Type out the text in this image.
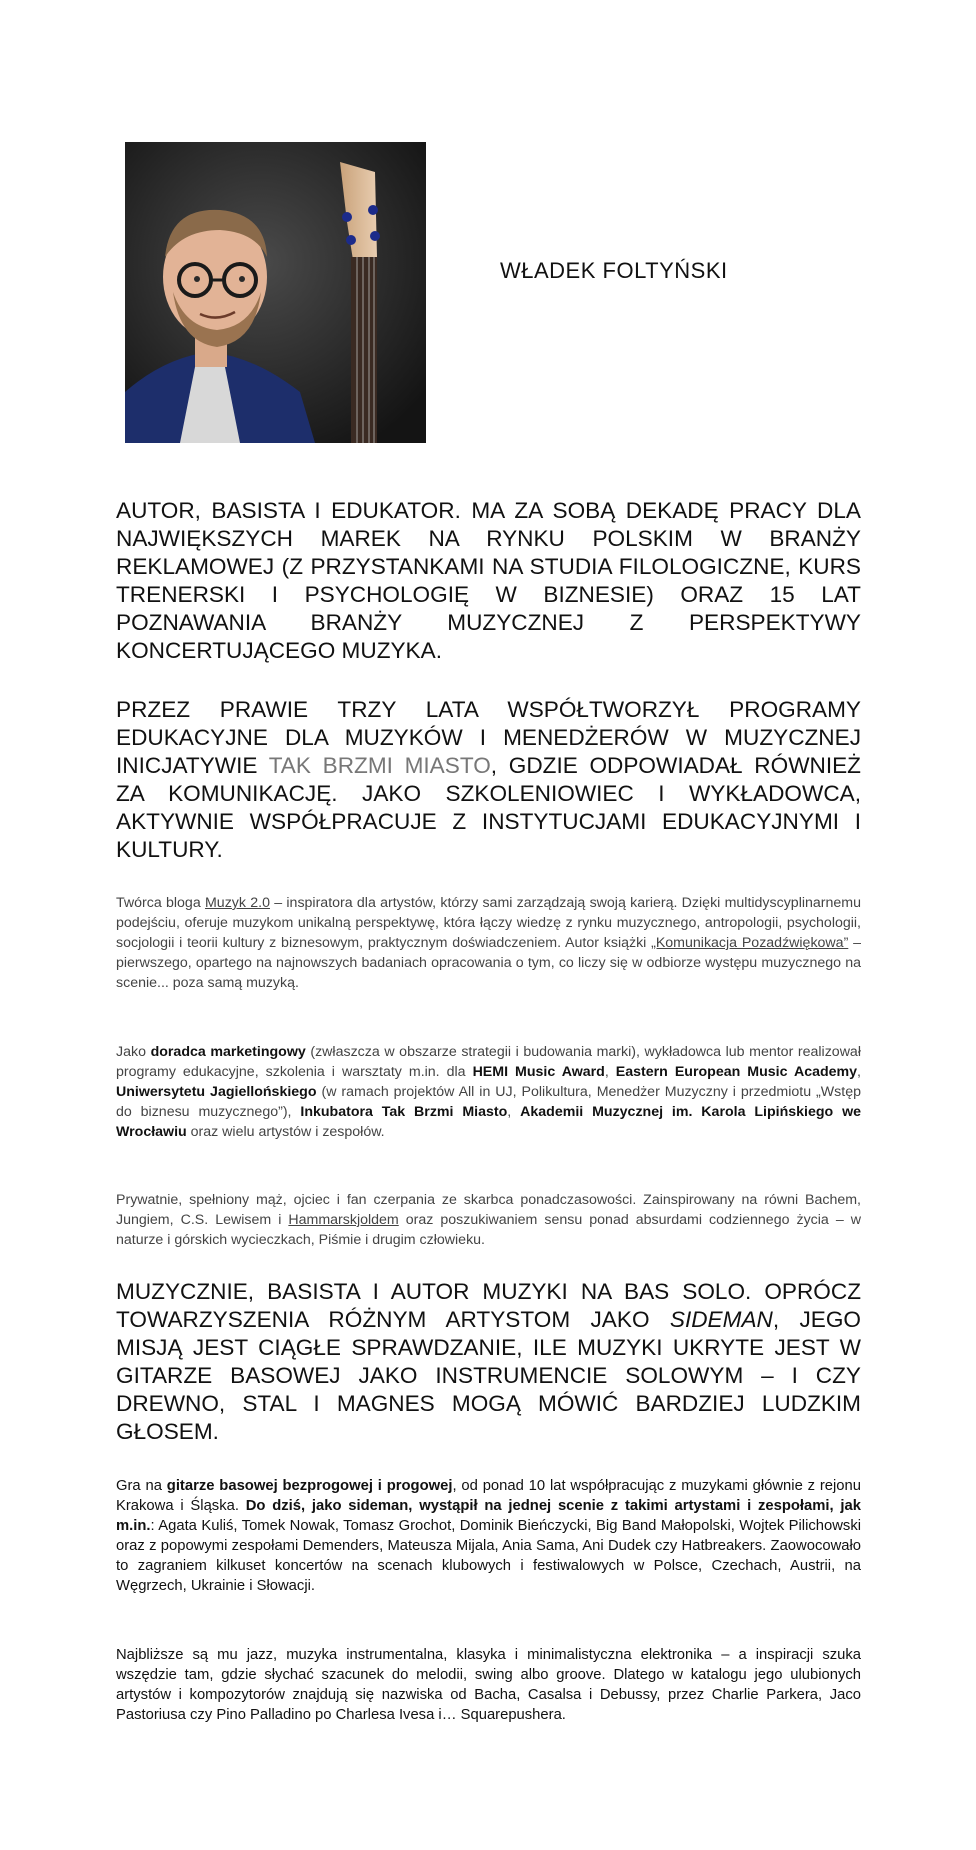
WŁADEK FOLTYŃSKI
AUTOR, BASISTA I EDUKATOR. MA ZA SOBĄ DEKADĘ PRACY DLA NAJWIĘKSZYCH MAREK NA RYNKU POLSKIM W BRANŻY REKLAMOWEJ (Z PRZYSTANKAMI NA STUDIA FILOLOGICZNE, KURS TRENERSKI I PSYCHOLOGIĘ W BIZNESIE) ORAZ 15 LAT POZNAWANIA BRANŻY MUZYCZNEJ Z PERSPEKTYWY KONCERTUJĄCEGO MUZYKA.
PRZEZ PRAWIE TRZY LATA WSPÓŁTWORZYŁ PROGRAMY EDUKACYJNE DLA MUZYKÓW I MENEDŻERÓW W MUZYCZNEJ INICJATYWIE TAK BRZMI MIASTO, GDZIE ODPOWIADAŁ RÓWNIEŻ ZA KOMUNIKACJĘ. JAKO SZKOLENIOWIEC I WYKŁADOWCA, AKTYWNIE WSPÓŁPRACUJE Z INSTYTUCJAMI EDUKACYJNYMI I KULTURY.
Twórca bloga Muzyk 2.0 – inspiratora dla artystów, którzy sami zarządzają swoją karierą. Dzięki multidyscyplinarnemu podejściu, oferuje muzykom unikalną perspektywę, która łączy wiedzę z rynku muzycznego, antropologii, psychologii, socjologii i teorii kultury z biznesowym, praktycznym doświadczeniem. Autor książki „Komunikacja Pozadźwiękowa” – pierwszego, opartego na najnowszych badaniach opracowania o tym, co liczy się w odbiorze występu muzycznego na scenie... poza samą muzyką.
Jako doradca marketingowy (zwłaszcza w obszarze strategii i budowania marki), wykładowca lub mentor realizował programy edukacyjne, szkolenia i warsztaty m.in. dla HEMI Music Award, Eastern European Music Academy, Uniwersytetu Jagiellońskiego (w ramach projektów All in UJ, Polikultura, Menedżer Muzyczny i przedmiotu „Wstęp do biznesu muzycznego”), Inkubatora Tak Brzmi Miasto, Akademii Muzycznej im. Karola Lipińskiego we Wrocławiu oraz wielu artystów i zespołów.
Prywatnie, spełniony mąż, ojciec i fan czerpania ze skarbca ponadczasowości. Zainspirowany na równi Bachem, Jungiem, C.S. Lewisem i Hammarskjoldem oraz poszukiwaniem sensu ponad absurdami codziennego życia – w naturze i górskich wycieczkach, Piśmie i drugim człowieku.
MUZYCZNIE, BASISTA I AUTOR MUZYKI NA BAS SOLO. OPRÓCZ TOWARZYSZENIA RÓŻNYM ARTYSTOM JAKO SIDEMAN, JEGO MISJĄ JEST CIĄGŁE SPRAWDZANIE, ILE MUZYKI UKRYTE JEST W GITARZE BASOWEJ JAKO INSTRUMENCIE SOLOWYM – I CZY DREWNO, STAL I MAGNES MOGĄ MÓWIĆ BARDZIEJ LUDZKIM GŁOSEM.
Gra na gitarze basowej bezprogowej i progowej, od ponad 10 lat współpracując z muzykami głównie z rejonu Krakowa i Śląska. Do dziś, jako sideman, wystąpił na jednej scenie z takimi artystami i zespołami, jak m.in.: Agata Kuliś, Tomek Nowak, Tomasz Grochot, Dominik Bieńczycki, Big Band Małopolski, Wojtek Pilichowski oraz z popowymi zespołami Demenders, Mateusza Mijala, Ania Sama, Ani Dudek czy Hatbreakers. Zaowocowało to zagraniem kilkuset koncertów na scenach klubowych i festiwalowych w Polsce, Czechach, Austrii, na Węgrzech, Ukrainie i Słowacji.
Najbliższe są mu jazz, muzyka instrumentalna, klasyka i minimalistyczna elektronika – a inspiracji szuka wszędzie tam, gdzie słychać szacunek do melodii, swing albo groove. Dlatego w katalogu jego ulubionych artystów i kompozytorów znajdują się nazwiska od Bacha, Casalsa i Debussy, przez Charlie Parkera, Jaco Pastoriusa czy Pino Palladino po Charlesa Ivesa i… Squarepushera.
